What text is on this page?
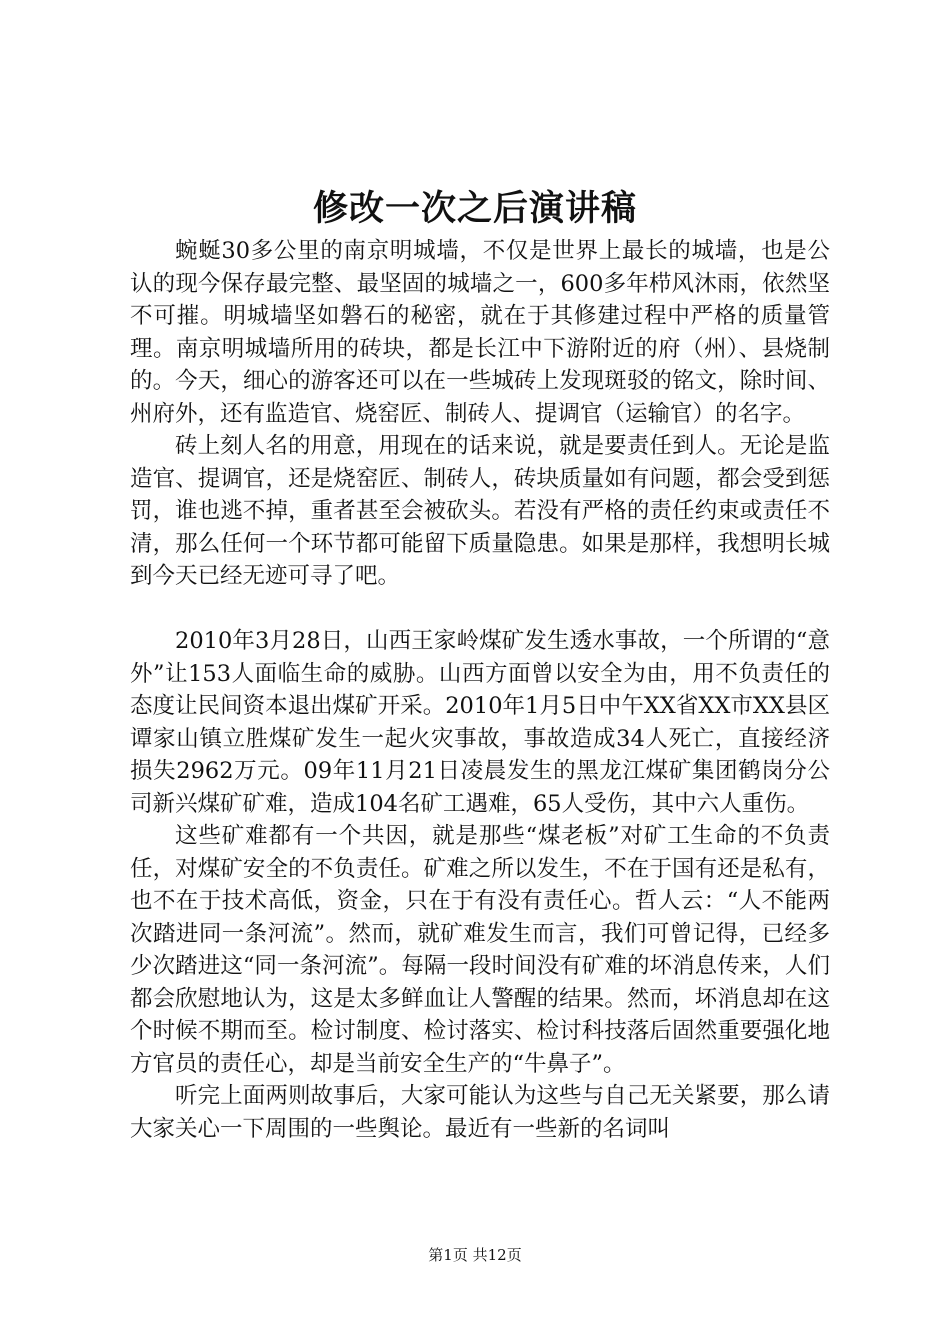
修改一次之后演讲稿

蜿蜒30多公里的南京明城墙，不仅是世界上最长的城墙，也是公认的现今保存最完整、最坚固的城墙之一，600多年栉风沐雨，依然坚不可摧。明城墙坚如磐石的秘密，就在于其修建过程中严格的质量管理。南京明城墙所用的砖块，都是长江中下游附近的府（州）、县烧制的。今天，细心的游客还可以在一些城砖上发现斑驳的铭文，除时间、州府外，还有监造官、烧窑匠、制砖人、提调官（运输官）的名字。

砖上刻人名的用意，用现在的话来说，就是要责任到人。无论是监造官、提调官，还是烧窑匠、制砖人，砖块质量如有问题，都会受到惩罚，谁也逃不掉，重者甚至会被砍头。若没有严格的责任约束或责任不清，那么任何一个环节都可能留下质量隐患。如果是那样，我想明长城到今天已经无迹可寻了吧。

2010年3月28日，山西王家岭煤矿发生透水事故，一个所谓的“意外”让153人面临生命的威胁。山西方面曾以安全为由，用不负责任的态度让民间资本退出煤矿开采。2010年1月5日中午XX省XX市XX县区谭家山镇立胜煤矿发生一起火灾事故，事故造成34人死亡，直接经济损失2962万元。09年11月21日凌晨发生的黑龙江煤矿集团鹤岗分公司新兴煤矿矿难，造成104名矿工遇难，65人受伤，其中六人重伤。

这些矿难都有一个共因，就是那些“煤老板”对矿工生命的不负责任，对煤矿安全的不负责任。矿难之所以发生，不在于国有还是私有，也不在于技术高低，资金，只在于有没有责任心。哲人云：“人不能两次踏进同一条河流”。然而，就矿难发生而言，我们可曾记得，已经多少次踏进这“同一条河流”。每隔一段时间没有矿难的坏消息传来，人们都会欣慰地认为，这是太多鲜血让人警醒的结果。然而，坏消息却在这个时候不期而至。检讨制度、检讨落实、检讨科技落后固然重要强化地方官员的责任心，却是当前安全生产的“牛鼻子”。

听完上面两则故事后，大家可能认为这些与自己无关紧要，那么请大家关心一下周围的一些舆论。最近有一些新的名词叫

第1页 共12页
